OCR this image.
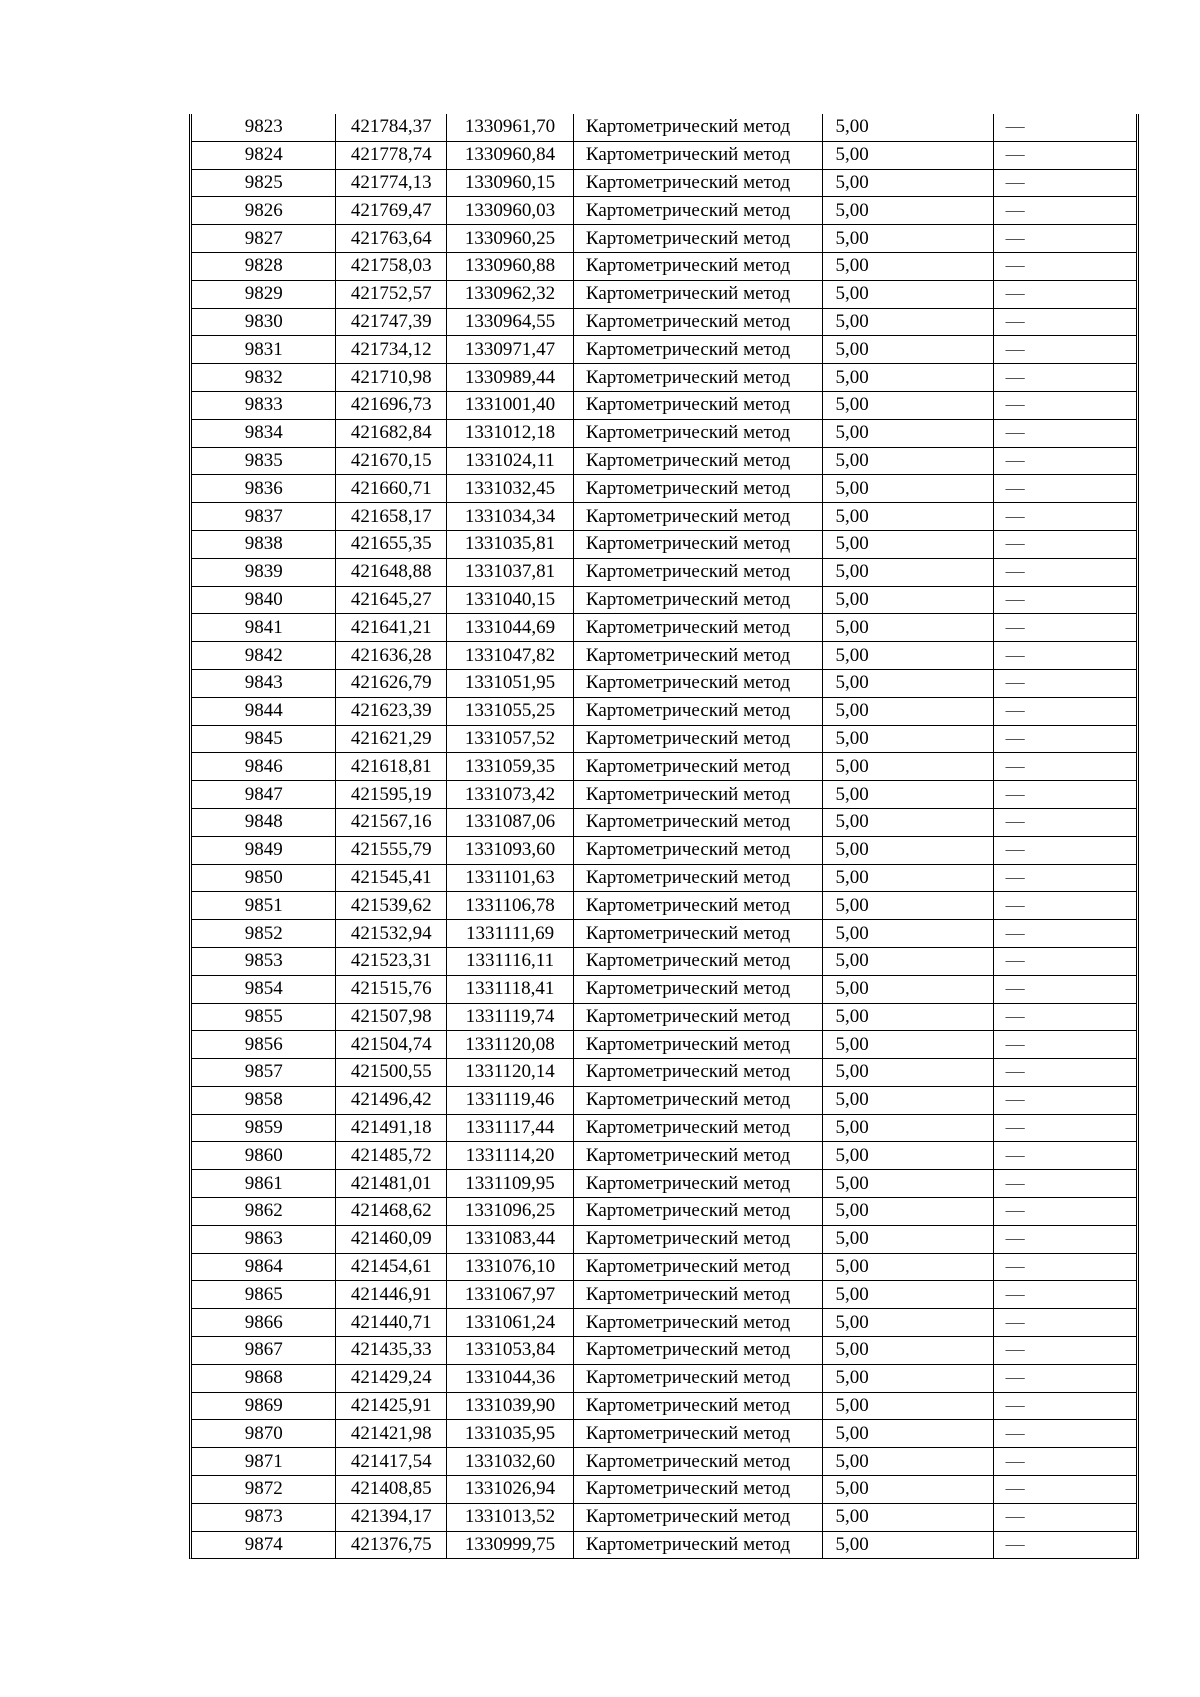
9823	421784,37	1330961,70	Картометрический метод	5,00	—
9824	421778,74	1330960,84	Картометрический метод	5,00	—
9825	421774,13	1330960,15	Картометрический метод	5,00	—
9826	421769,47	1330960,03	Картометрический метод	5,00	—
9827	421763,64	1330960,25	Картометрический метод	5,00	—
9828	421758,03	1330960,88	Картометрический метод	5,00	—
9829	421752,57	1330962,32	Картометрический метод	5,00	—
9830	421747,39	1330964,55	Картометрический метод	5,00	—
9831	421734,12	1330971,47	Картометрический метод	5,00	—
9832	421710,98	1330989,44	Картометрический метод	5,00	—
9833	421696,73	1331001,40	Картометрический метод	5,00	—
9834	421682,84	1331012,18	Картометрический метод	5,00	—
9835	421670,15	1331024,11	Картометрический метод	5,00	—
9836	421660,71	1331032,45	Картометрический метод	5,00	—
9837	421658,17	1331034,34	Картометрический метод	5,00	—
9838	421655,35	1331035,81	Картометрический метод	5,00	—
9839	421648,88	1331037,81	Картометрический метод	5,00	—
9840	421645,27	1331040,15	Картометрический метод	5,00	—
9841	421641,21	1331044,69	Картометрический метод	5,00	—
9842	421636,28	1331047,82	Картометрический метод	5,00	—
9843	421626,79	1331051,95	Картометрический метод	5,00	—
9844	421623,39	1331055,25	Картометрический метод	5,00	—
9845	421621,29	1331057,52	Картометрический метод	5,00	—
9846	421618,81	1331059,35	Картометрический метод	5,00	—
9847	421595,19	1331073,42	Картометрический метод	5,00	—
9848	421567,16	1331087,06	Картометрический метод	5,00	—
9849	421555,79	1331093,60	Картометрический метод	5,00	—
9850	421545,41	1331101,63	Картометрический метод	5,00	—
9851	421539,62	1331106,78	Картометрический метод	5,00	—
9852	421532,94	1331111,69	Картометрический метод	5,00	—
9853	421523,31	1331116,11	Картометрический метод	5,00	—
9854	421515,76	1331118,41	Картометрический метод	5,00	—
9855	421507,98	1331119,74	Картометрический метод	5,00	—
9856	421504,74	1331120,08	Картометрический метод	5,00	—
9857	421500,55	1331120,14	Картометрический метод	5,00	—
9858	421496,42	1331119,46	Картометрический метод	5,00	—
9859	421491,18	1331117,44	Картометрический метод	5,00	—
9860	421485,72	1331114,20	Картометрический метод	5,00	—
9861	421481,01	1331109,95	Картометрический метод	5,00	—
9862	421468,62	1331096,25	Картометрический метод	5,00	—
9863	421460,09	1331083,44	Картометрический метод	5,00	—
9864	421454,61	1331076,10	Картометрический метод	5,00	—
9865	421446,91	1331067,97	Картометрический метод	5,00	—
9866	421440,71	1331061,24	Картометрический метод	5,00	—
9867	421435,33	1331053,84	Картометрический метод	5,00	—
9868	421429,24	1331044,36	Картометрический метод	5,00	—
9869	421425,91	1331039,90	Картометрический метод	5,00	—
9870	421421,98	1331035,95	Картометрический метод	5,00	—
9871	421417,54	1331032,60	Картометрический метод	5,00	—
9872	421408,85	1331026,94	Картометрический метод	5,00	—
9873	421394,17	1331013,52	Картометрический метод	5,00	—
9874	421376,75	1330999,75	Картометрический метод	5,00	—
